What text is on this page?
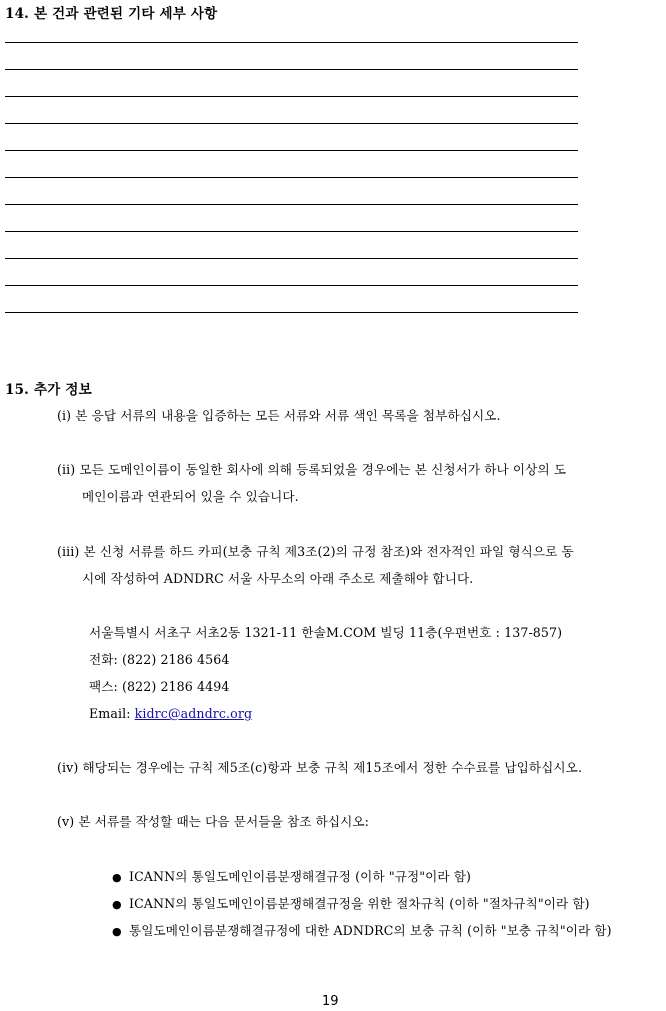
14. 본 건과 관련된 기타 세부 사항
15. 추가 정보
(i) 본 응답 서류의 내용을 입증하는 모든 서류와 서류 색인 목록을 첨부하십시오.
(ii) 모든 도메인이름이 동일한 회사에 의해 등록되었을 경우에는 본 신청서가 하나 이상의 도
메인이름과 연관되어 있을 수 있습니다.
(iii) 본 신청 서류를 하드 카피(보충 규칙 제3조(2)의 규정 참조)와 전자적인 파일 형식으로 동
시에 작성하여 ADNDRC 서울 사무소의 아래 주소로 제출해야 합니다.
서울특별시 서초구 서초2동 1321-11 한솔M.COM 빌딩 11층(우편번호 : 137-857)
전화: (822) 2186 4564
팩스: (822) 2186 4494
Email: kidrc@adndrc.org
(iv) 해당되는 경우에는 규칙 제5조(c)항과 보충 규칙 제15조에서 정한 수수료를 납입하십시오.
(v) 본 서류를 작성할 때는 다음 문서들을 참조 하십시오:
● ICANN의 통일도메인이름분쟁해결규정 (이하 "규정"이라 함)
● ICANN의 통일도메인이름분쟁해결규정을 위한 절차규칙 (이하 "절차규칙"이라 함)
● 통일도메인이름분쟁해결규정에 대한 ADNDRC의 보충 규칙 (이하 "보충 규칙"이라 함)
19
